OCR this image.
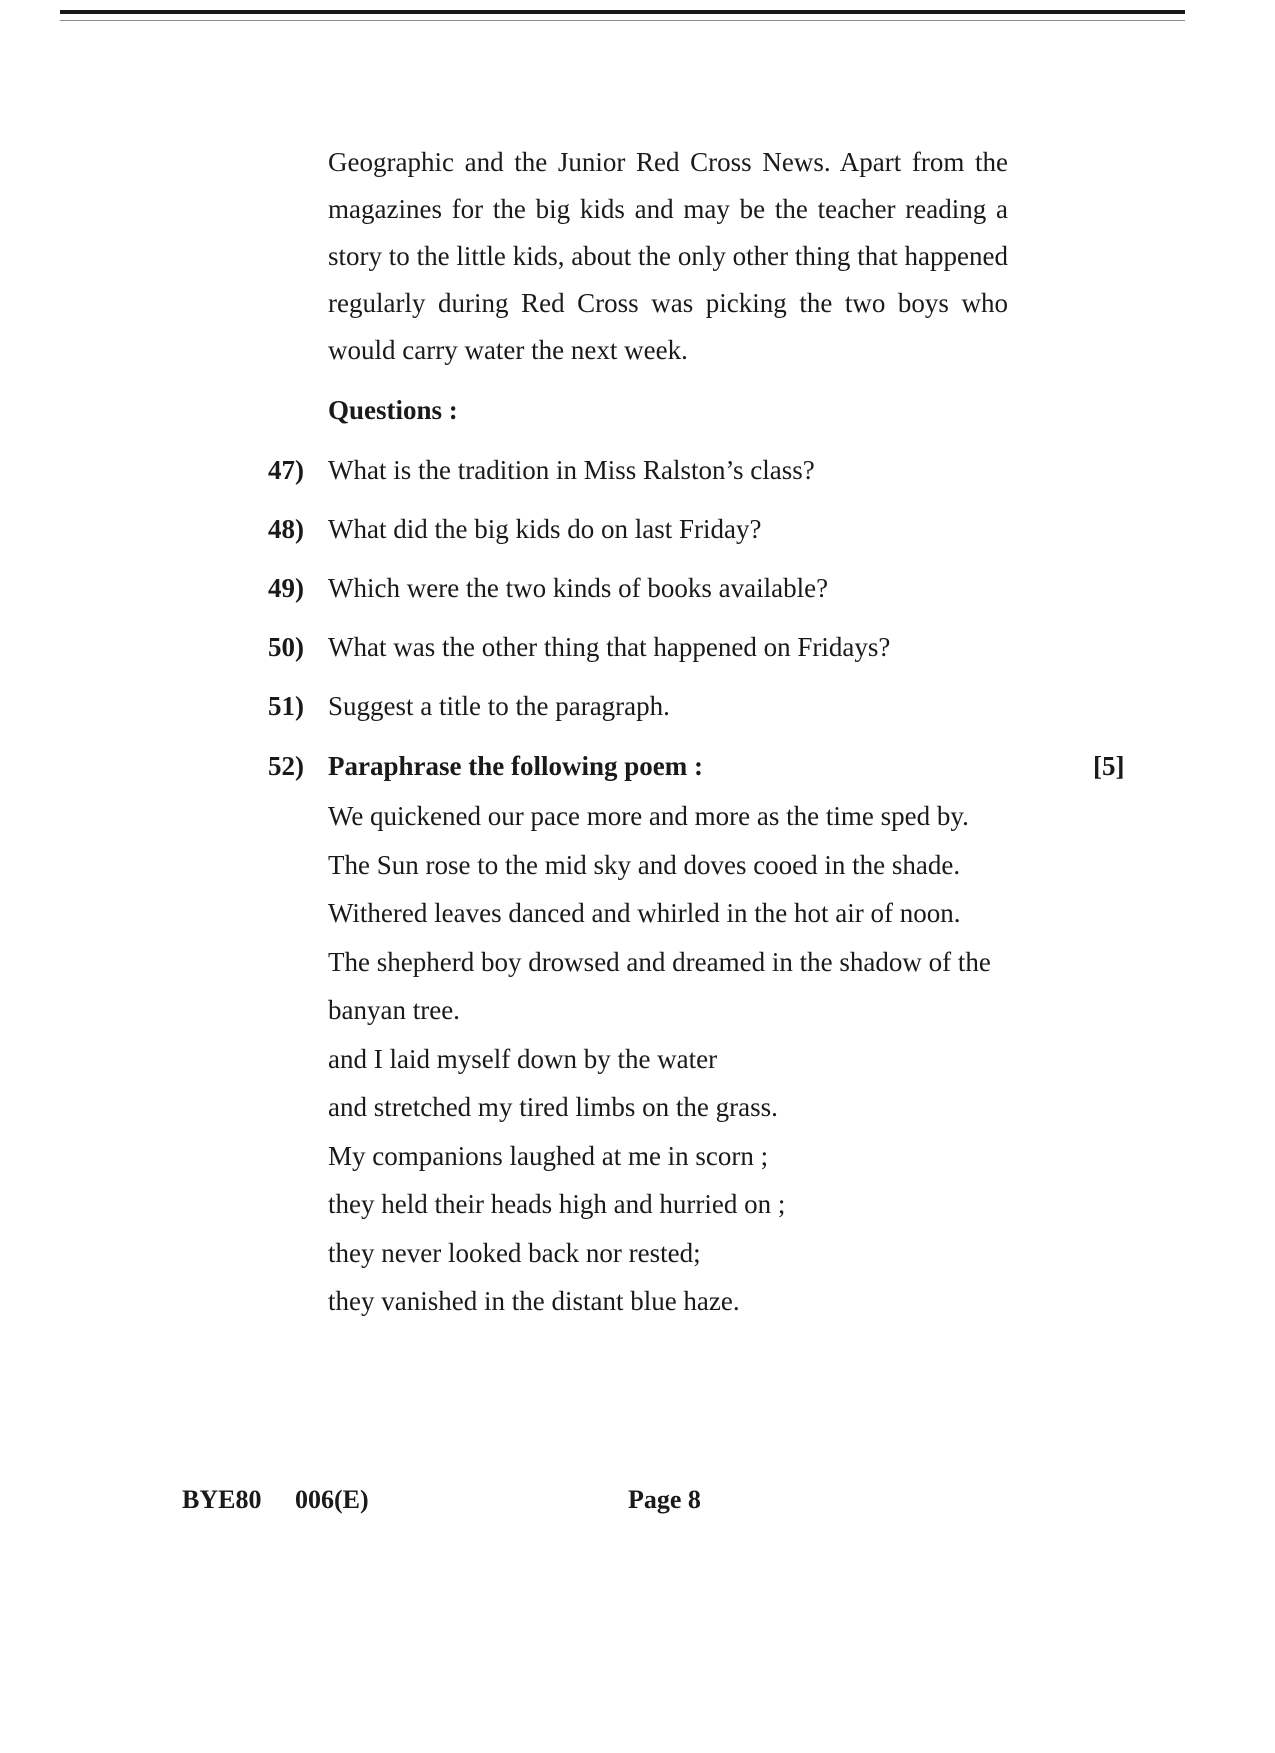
Geographic and the Junior Red Cross News. Apart from the magazines for the big kids and may be the teacher reading a story to the little kids, about the only other thing that happened regularly during Red Cross was picking the two boys who would carry water the next week.

Questions :

47) What is the tradition in Miss Ralston’s class?
48) What did the big kids do on last Friday?
49) Which were the two kinds of books available?
50) What was the other thing that happened on Fridays?
51) Suggest a title to the paragraph.
52) Paraphrase the following poem :	[5]
We quickened our pace more and more as the time sped by.
The Sun rose to the mid sky and doves cooed in the shade.
Withered leaves danced and whirled in the hot air of noon.
The shepherd boy drowsed and dreamed in the shadow of the banyan tree.
and I laid myself down by the water
and stretched my tired limbs on the grass.
My companions laughed at me in scorn ;
they held their heads high and hurried on ;
they never looked back nor rested;
they vanished in the distant blue haze.
BYE80 006(E)	Page 8
